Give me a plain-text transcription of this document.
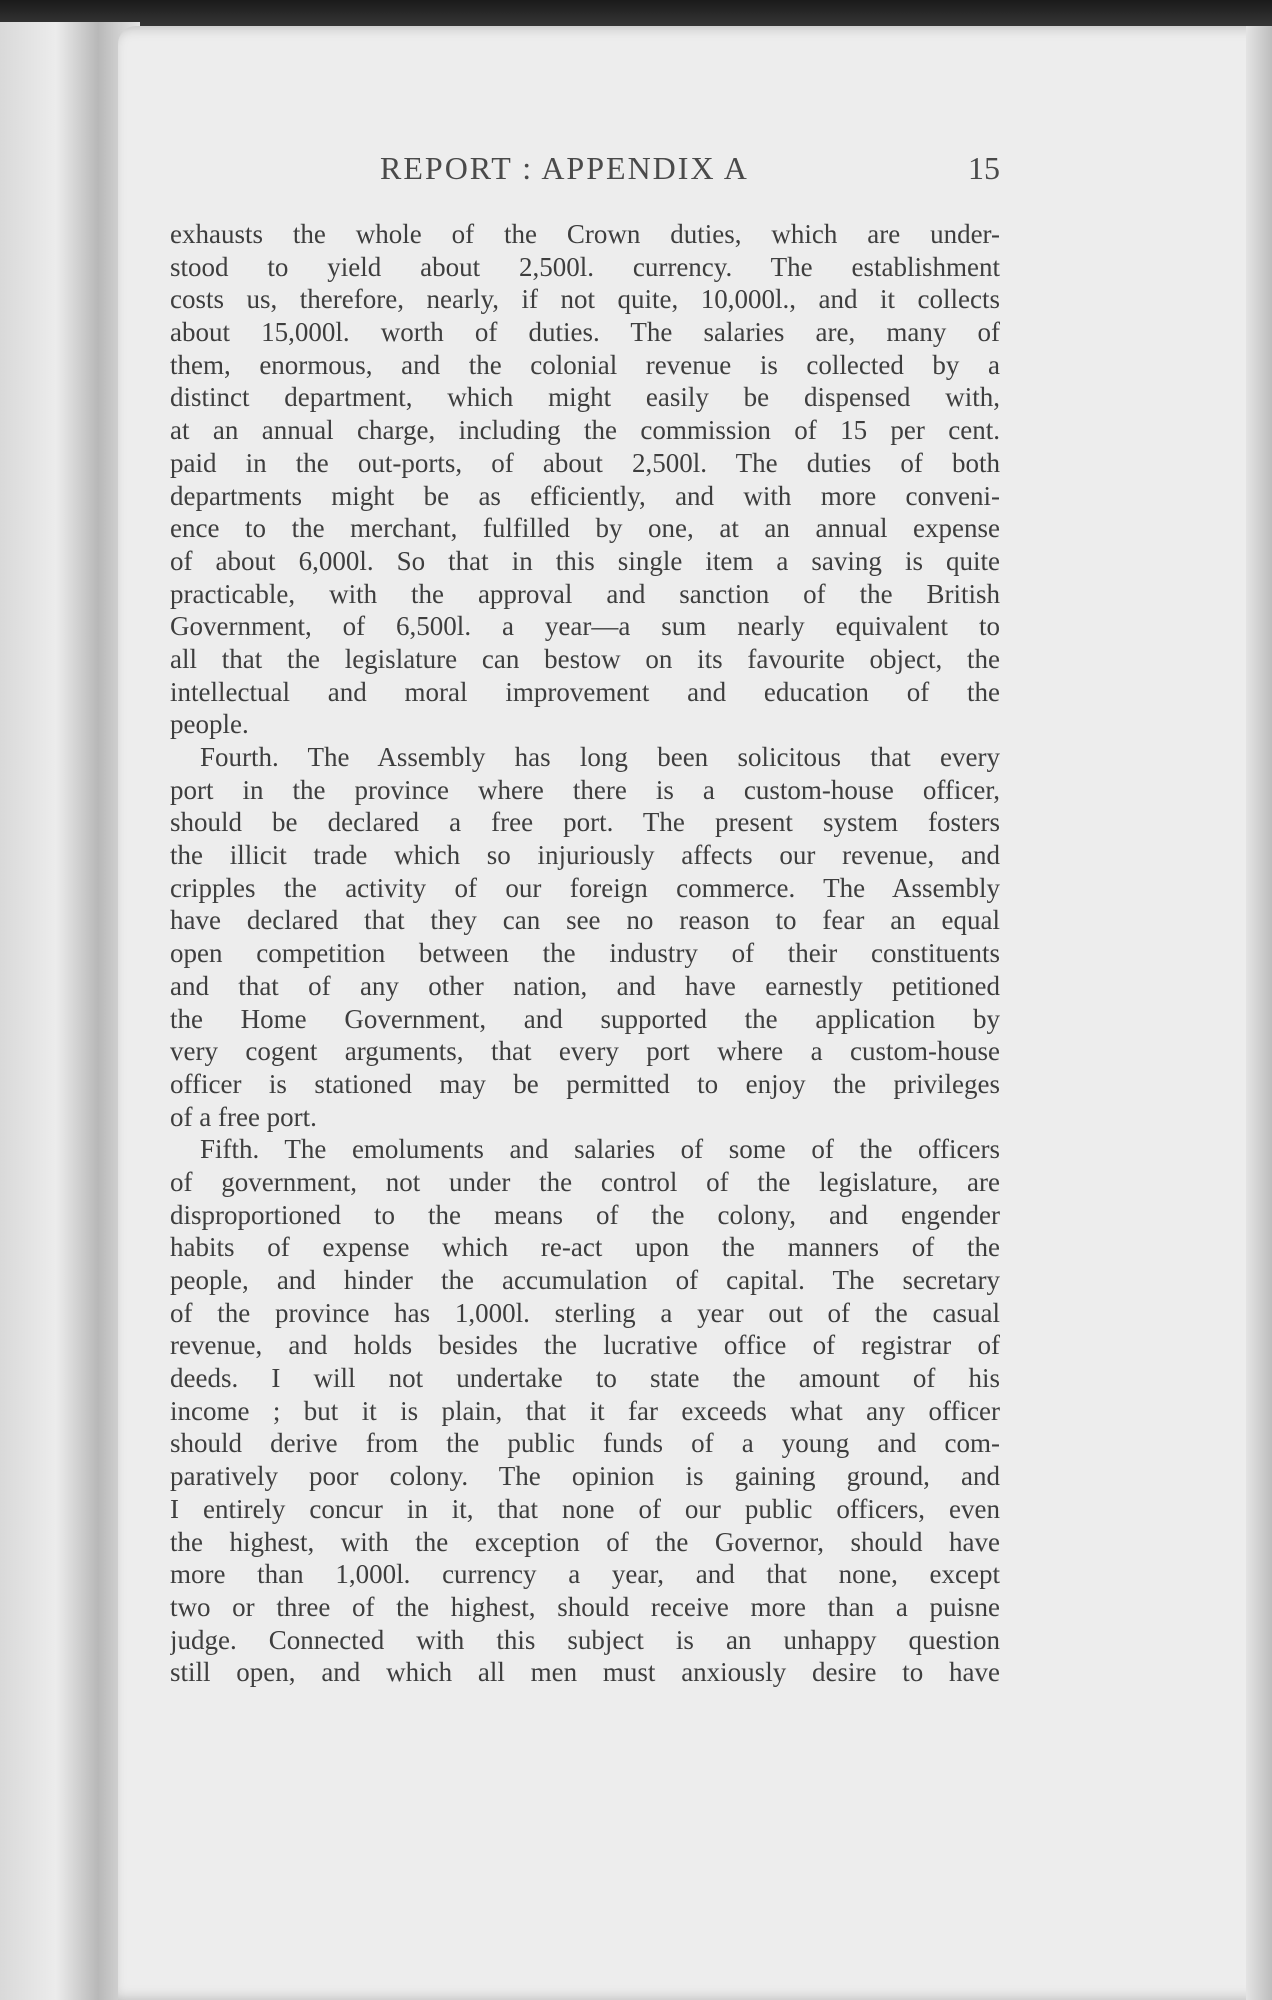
REPORT : APPENDIX A	15
exhausts the whole of the Crown duties, which are under-
stood to yield about 2,500l. currency. The establishment
costs us, therefore, nearly, if not quite, 10,000l., and it collects
about 15,000l. worth of duties. The salaries are, many of
them, enormous, and the colonial revenue is collected by a
distinct department, which might easily be dispensed with,
at an annual charge, including the commission of 15 per cent.
paid in the out-ports, of about 2,500l. The duties of both
departments might be as efficiently, and with more conveni-
ence to the merchant, fulfilled by one, at an annual expense
of about 6,000l. So that in this single item a saving is quite
practicable, with the approval and sanction of the British
Government, of 6,500l. a year—a sum nearly equivalent to
all that the legislature can bestow on its favourite object, the
intellectual and moral improvement and education of the
people.
Fourth. The Assembly has long been solicitous that every
port in the province where there is a custom-house officer,
should be declared a free port. The present system fosters
the illicit trade which so injuriously affects our revenue, and
cripples the activity of our foreign commerce. The Assembly
have declared that they can see no reason to fear an equal
open competition between the industry of their constituents
and that of any other nation, and have earnestly petitioned
the Home Government, and supported the application by
very cogent arguments, that every port where a custom-house
officer is stationed may be permitted to enjoy the privileges
of a free port.
Fifth. The emoluments and salaries of some of the officers
of government, not under the control of the legislature, are
disproportioned to the means of the colony, and engender
habits of expense which re-act upon the manners of the
people, and hinder the accumulation of capital. The secretary
of the province has 1,000l. sterling a year out of the casual
revenue, and holds besides the lucrative office of registrar of
deeds. I will not undertake to state the amount of his
income ; but it is plain, that it far exceeds what any officer
should derive from the public funds of a young and com-
paratively poor colony. The opinion is gaining ground, and
I entirely concur in it, that none of our public officers, even
the highest, with the exception of the Governor, should have
more than 1,000l. currency a year, and that none, except
two or three of the highest, should receive more than a puisne
judge. Connected with this subject is an unhappy question
still open, and which all men must anxiously desire to have
